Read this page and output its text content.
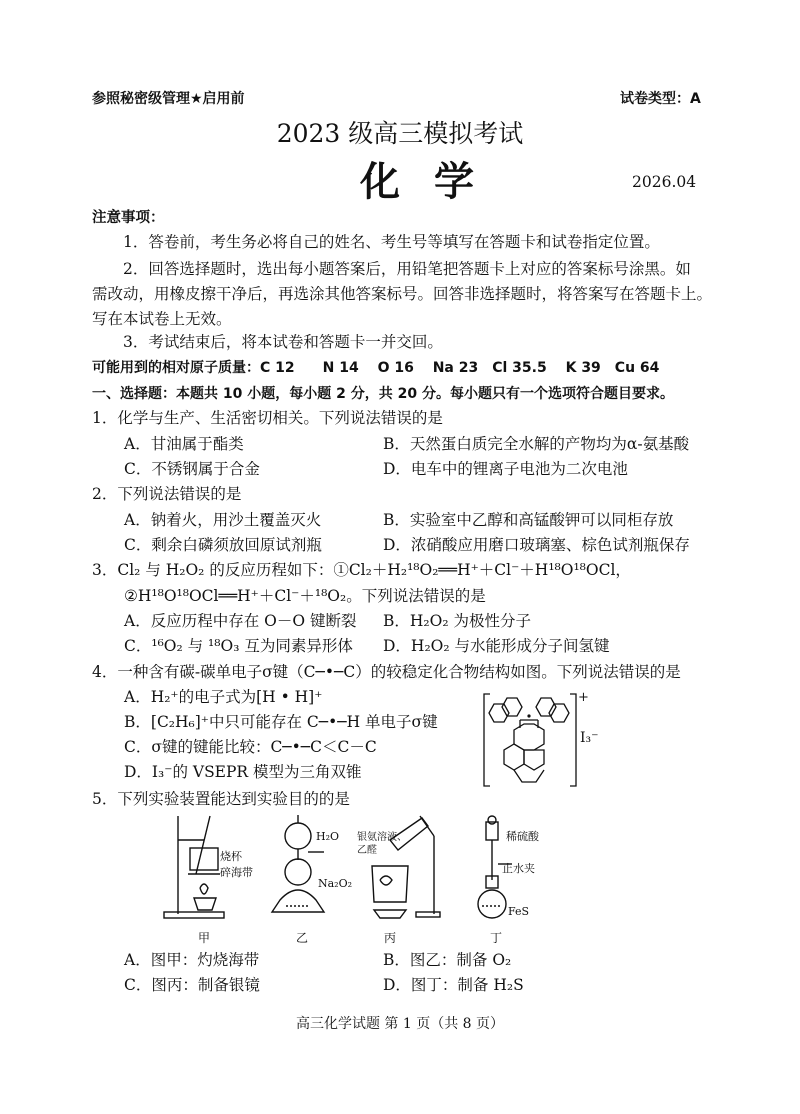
参照秘密级管理★启用前	试卷类型：A
2023 级高三模拟考试
化学	2026.04
注意事项：
1．答卷前，考生务必将自己的姓名、考生号等填写在答题卡和试卷指定位置。
2．回答选择题时，选出每小题答案后，用铅笔把答题卡上对应的答案标号涂黑。如
需改动，用橡皮擦干净后，再选涂其他答案标号。回答非选择题时，将答案写在答题卡上。
写在本试卷上无效。
3．考试结束后，将本试卷和答题卡一并交回。
可能用到的相对原子质量：C 12　　N 14　 O 16　 Na 23　Cl 35.5　 K 39　Cu 64
一、选择题：本题共 10 小题，每小题 2 分，共 20 分。每小题只有一个选项符合题目要求。
1．化学与生产、生活密切相关。下列说法错误的是
A．甘油属于酯类	B．天然蛋白质完全水解的产物均为α-氨基酸
C．不锈钢属于合金	D．电车中的锂离子电池为二次电池
2．下列说法错误的是
A．钠着火，用沙土覆盖灭火	B．实验室中乙醇和高锰酸钾可以同柜存放
C．剩余白磷须放回原试剂瓶	D．浓硝酸应用磨口玻璃塞、棕色试剂瓶保存
3．Cl₂ 与 H₂O₂ 的反应历程如下：①Cl₂＋H₂¹⁸O₂══H⁺＋Cl⁻＋H¹⁸O¹⁸OCl，
②H¹⁸O¹⁸OCl══H⁺＋Cl⁻＋¹⁸O₂。下列说法错误的是
A．反应历程中存在 O－O 键断裂 B．H₂O₂ 为极性分子
C．¹⁶O₂ 与 ¹⁸O₃ 互为同素异形体 D．H₂O₂ 与水能形成分子间氢键
4．一种含有碳-碳单电子σ键（C─•─C）的较稳定化合物结构如图。下列说法错误的是
A．H₂⁺的电子式为[H • H]⁺
B．[C₂H₆]⁺中只可能存在 C─•─H 单电子σ键
C．σ键的键能比较：C─•─C＜C－C
D．I₃⁻的 VSEPR 模型为三角双锥
+
I₃⁻
5．下列实验装置能达到实验目的的是
烧杯
碎海带
甲
H₂O
Na₂O₂
乙
银氨溶液、
乙醛
丙
稀硫酸
止水夹
FeS
丁
A．图甲：灼烧海带	B．图乙：制备 O₂
C．图丙：制备银镜	D．图丁：制备 H₂S
高三化学试题 第 1 页（共 8 页）
